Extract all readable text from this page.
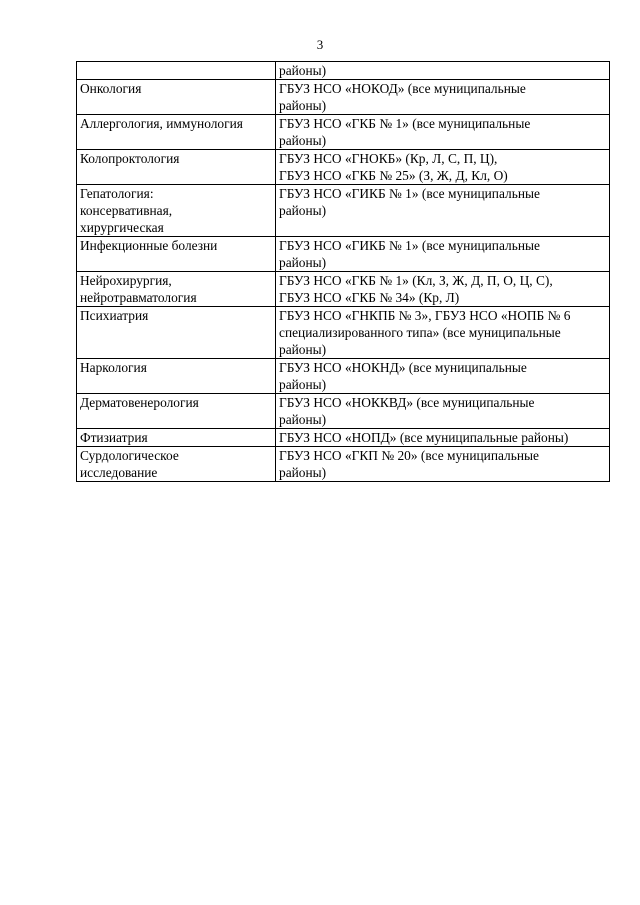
3

	районы)

Онкология	ГБУЗ НСО «НОКОД» (все муниципальные
районы)

Аллергология, иммунология	ГБУЗ НСО «ГКБ № 1» (все муниципальные
районы)

Колопроктология	ГБУЗ НСО «ГНОКБ» (Кр, Л, С, П, Ц),
ГБУЗ НСО «ГКБ № 25» (З, Ж, Д, Кл, О)

Гепатология:
консервативная,
хирургическая	ГБУЗ НСО «ГИКБ № 1» (все муниципальные
районы)

Инфекционные болезни	ГБУЗ НСО «ГИКБ № 1» (все муниципальные
районы)

Нейрохирургия,
нейротравматология	ГБУЗ НСО «ГКБ № 1» (Кл, З, Ж, Д, П, О, Ц, С),
ГБУЗ НСО «ГКБ № 34» (Кр, Л)

Психиатрия	ГБУЗ НСО «ГНКПБ № 3», ГБУЗ НСО «НОПБ № 6
специализированного типа» (все муниципальные
районы)

Наркология	ГБУЗ НСО «НОКНД» (все муниципальные
районы)

Дерматовенерология	ГБУЗ НСО «НОККВД» (все муниципальные
районы)

Фтизиатрия	ГБУЗ НСО «НОПД» (все муниципальные районы)

Сурдологическое
исследование	ГБУЗ НСО «ГКП № 20» (все муниципальные
районы)
